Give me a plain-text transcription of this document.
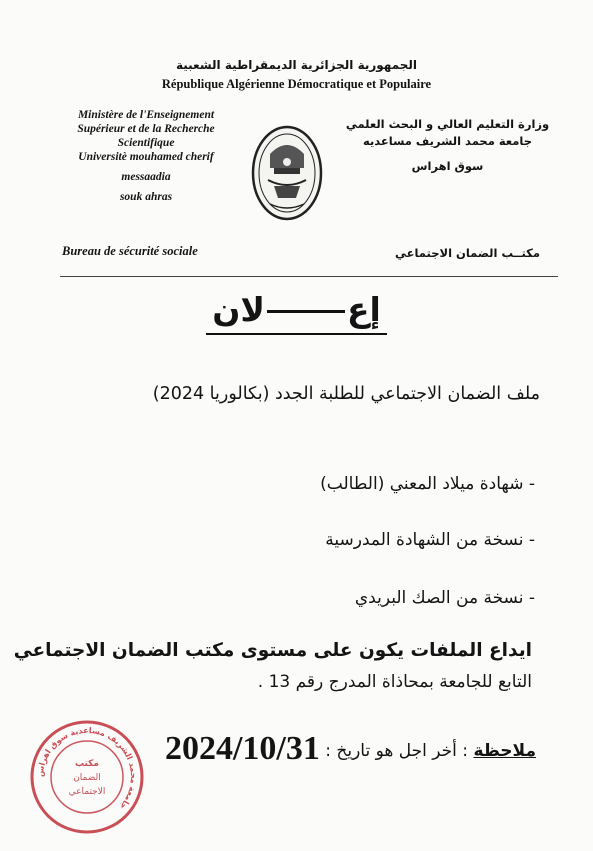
الجمهورية الجزائرية الديمقراطية الشعبية
République Algérienne Démocratique et Populaire
Ministère de l'Enseignement
Supérieur et de la Recherche
Scientifique
Universitè mouhamed cherif
messaadia
souk ahras
وزارة التعليم العالي و البحث العلمي
جامعة محمد الشريف مساعديه
سوق اهراس
Bureau de sécurité sociale	مكتــب الضمان الاجتماعي
إعلان
ملف الضمان الاجتماعي للطلبة الجدد (بكالوريا 2024)
- شهادة ميلاد المعني (الطالب)
- نسخة من الشهادة المدرسية
- نسخة من الصك البريدي
ايداع الملفات يكون على مستوى مكتب الضمان الاجتماعي
التابع للجامعة بمحاذاة المدرج رقم 13 .
ملاحظة : أخر اجل هو تاريخ : 2024/10/31
جامعة محمد الشريف مساعدية سوق اهراس
مكتب
الضمان
الاجتماعي
